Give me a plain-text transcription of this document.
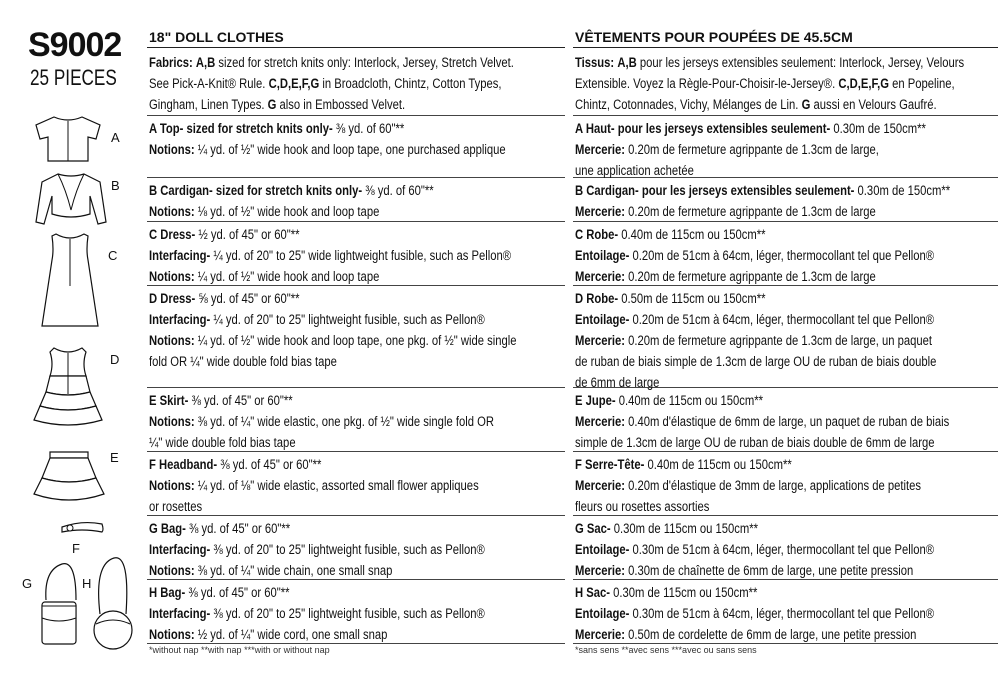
S9002
25 PIECES
A
B
C
D
E
F
G	H
18" DOLL CLOTHES
Fabrics: A,B sized for stretch knits only: Interlock, Jersey, Stretch Velvet.
See Pick-A-Knit® Rule. C,D,E,F,G in Broadcloth, Chintz, Cotton Types,
Gingham, Linen Types. G also in Embossed Velvet.
A Top- sized for stretch knits only- ⅜ yd. of 60"**
Notions: ¼ yd. of ½" wide hook and loop tape, one purchased applique
B Cardigan- sized for stretch knits only- ⅜ yd. of 60"**
Notions: ⅛ yd. of ½" wide hook and loop tape
C Dress- ½ yd. of 45" or 60"**
Interfacing- ¼ yd. of 20" to 25" wide lightweight fusible, such as Pellon®
Notions: ¼ yd. of ½" wide hook and loop tape
D Dress- ⅝ yd. of 45" or 60"**
Interfacing- ¼ yd. of 20" to 25" lightweight fusible, such as Pellon®
Notions: ¼ yd. of ½" wide hook and loop tape, one pkg. of ½" wide single
fold OR ¼" wide double fold bias tape
E Skirt- ⅜ yd. of 45" or 60"**
Notions: ⅜ yd. of ¼" wide elastic, one pkg. of ½" wide single fold OR
¼" wide double fold bias tape
F Headband- ⅜ yd. of 45" or 60"**
Notions: ¼ yd. of ⅛" wide elastic, assorted small flower appliques
or rosettes
G Bag- ⅜ yd. of 45" or 60"**
Interfacing- ⅜ yd. of 20" to 25" lightweight fusible, such as Pellon®
Notions: ⅜ yd. of ¼" wide chain, one small snap
H Bag- ⅜ yd. of 45" or 60"**
Interfacing- ⅜ yd. of 20" to 25" lightweight fusible, such as Pellon®
Notions: ½ yd. of ¼" wide cord, one small snap
*without nap **with nap ***with or without nap
VÊTEMENTS POUR POUPÉES DE 45.5CM
Tissus: A,B pour les jerseys extensibles seulement: Interlock, Jersey, Velours
Extensible. Voyez la Règle-Pour-Choisir-le-Jersey®. C,D,E,F,G en Popeline,
Chintz, Cotonnades, Vichy, Mélanges de Lin. G aussi en Velours Gaufré.
A Haut- pour les jerseys extensibles seulement- 0.30m de 150cm**
Mercerie: 0.20m de fermeture agrippante de 1.3cm de large,
une application achetée
B Cardigan- pour les jerseys extensibles seulement- 0.30m de 150cm**
Mercerie: 0.20m de fermeture agrippante de 1.3cm de large
C Robe- 0.40m de 115cm ou 150cm**
Entoilage- 0.20m de 51cm à 64cm, léger, thermocollant tel que Pellon®
Mercerie: 0.20m de fermeture agrippante de 1.3cm de large
D Robe- 0.50m de 115cm ou 150cm**
Entoilage- 0.20m de 51cm à 64cm, léger, thermocollant tel que Pellon®
Mercerie: 0.20m de fermeture agrippante de 1.3cm de large, un paquet
de ruban de biais simple de 1.3cm de large OU de ruban de biais double
de 6mm de large
E Jupe- 0.40m de 115cm ou 150cm**
Mercerie: 0.40m d'élastique de 6mm de large, un paquet de ruban de biais
simple de 1.3cm de large OU de ruban de biais double de 6mm de large
F Serre-Tête- 0.40m de 115cm ou 150cm**
Mercerie: 0.20m d'élastique de 3mm de large, applications de petites
fleurs ou rosettes assorties
G Sac- 0.30m de 115cm ou 150cm**
Entoilage- 0.30m de 51cm à 64cm, léger, thermocollant tel que Pellon®
Mercerie: 0.30m de chaînette de 6mm de large, une petite pression
H Sac- 0.30m de 115cm ou 150cm**
Entoilage- 0.30m de 51cm à 64cm, léger, thermocollant tel que Pellon®
Mercerie: 0.50m de cordelette de 6mm de large, une petite pression
*sans sens **avec sens ***avec ou sans sens
